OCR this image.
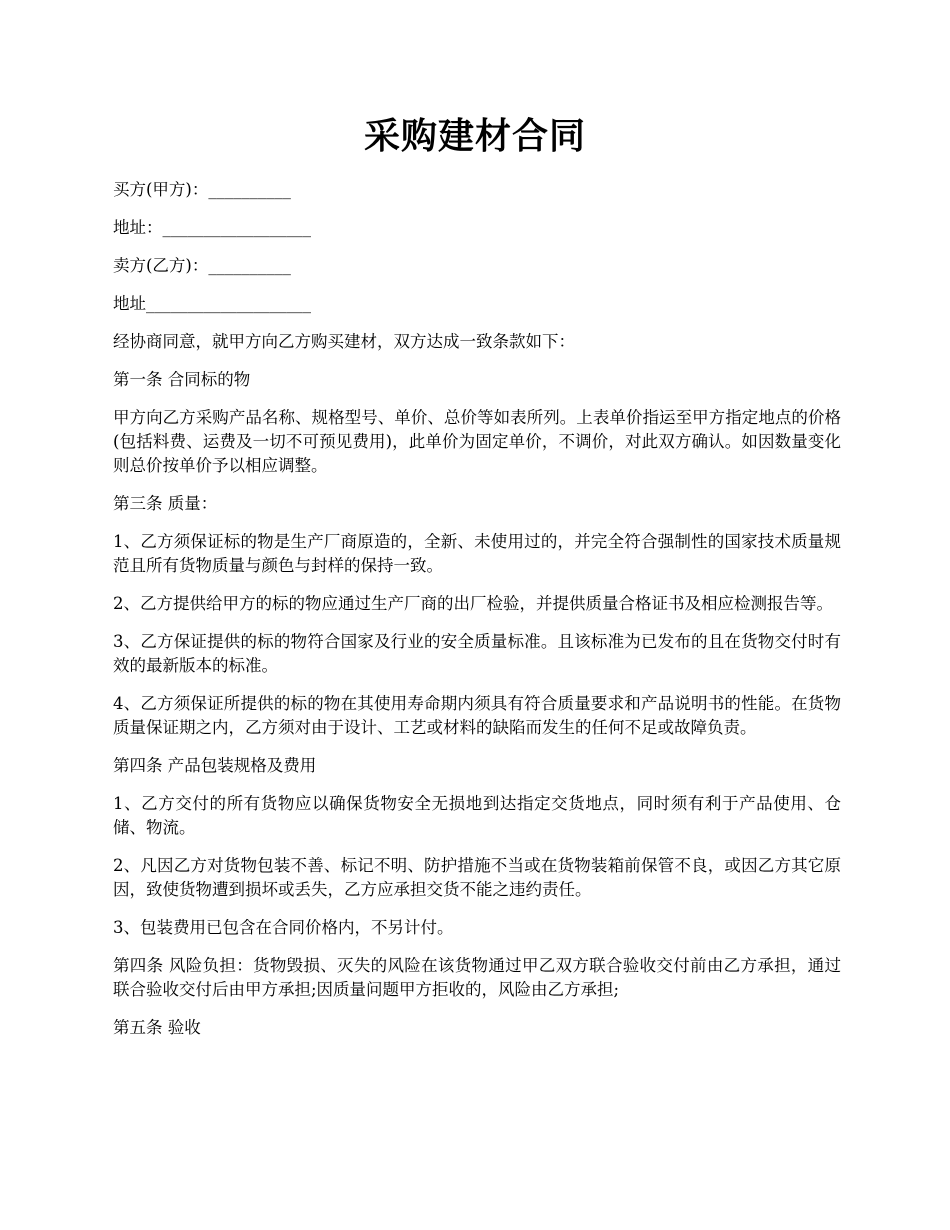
采购建材合同

买方(甲方)：__________

地址：__________________

卖方(乙方)：__________

地址____________________

经协商同意，就甲方向乙方购买建材，双方达成一致条款如下：

第一条 合同标的物

甲方向乙方采购产品名称、规格型号、单价、总价等如表所列。上表单价指运至甲方指定地点的价格(包括料费、运费及一切不可预见费用)，此单价为固定单价，不调价，对此双方确认。如因数量变化则总价按单价予以相应调整。

第三条 质量：

1、乙方须保证标的物是生产厂商原造的，全新、未使用过的，并完全符合强制性的国家技术质量规范且所有货物质量与颜色与封样的保持一致。

2、乙方提供给甲方的标的物应通过生产厂商的出厂检验，并提供质量合格证书及相应检测报告等。

3、乙方保证提供的标的物符合国家及行业的安全质量标准。且该标准为已发布的且在货物交付时有效的最新版本的标准。

4、乙方须保证所提供的标的物在其使用寿命期内须具有符合质量要求和产品说明书的性能。在货物质量保证期之内，乙方须对由于设计、工艺或材料的缺陷而发生的任何不足或故障负责。

第四条 产品包装规格及费用

1、乙方交付的所有货物应以确保货物安全无损地到达指定交货地点，同时须有利于产品使用、仓储、物流。

2、凡因乙方对货物包装不善、标记不明、防护措施不当或在货物装箱前保管不良，或因乙方其它原因，致使货物遭到损坏或丢失，乙方应承担交货不能之违约责任。

3、包装费用已包含在合同价格内，不另计付。

第四条 风险负担：货物毁损、灭失的风险在该货物通过甲乙双方联合验收交付前由乙方承担，通过联合验收交付后由甲方承担;因质量问题甲方拒收的，风险由乙方承担;

第五条 验收
